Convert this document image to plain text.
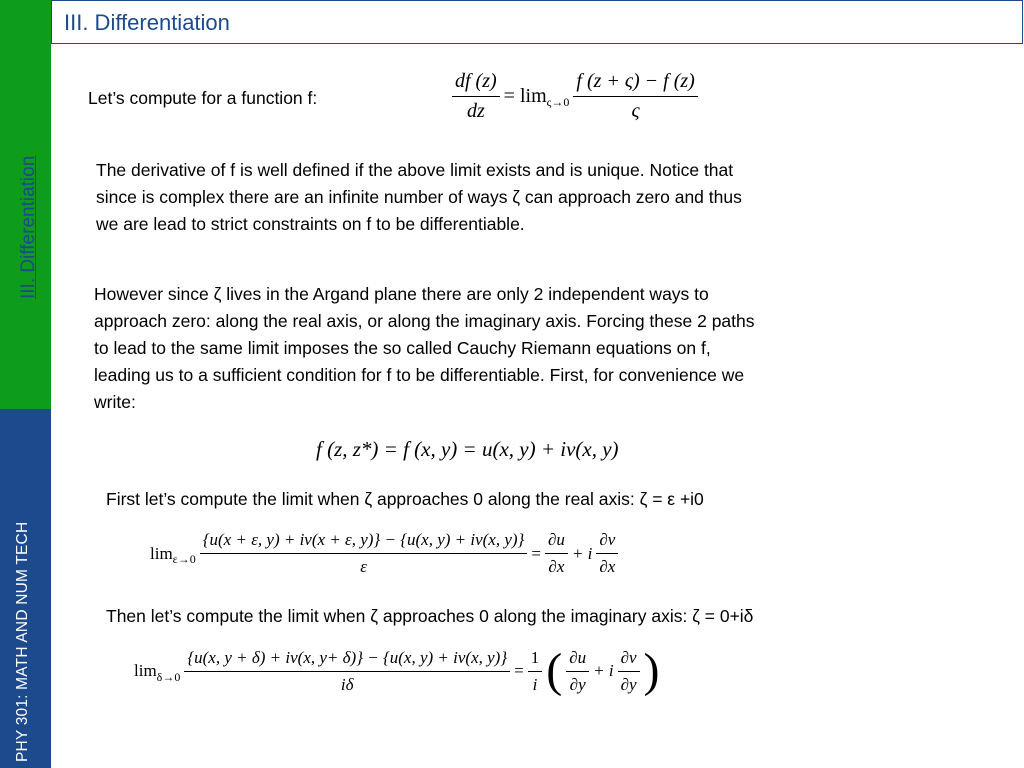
III. Differentiation
PHY 301: MATH AND NUM TECH
III. Differentiation
Let’s compute for a function f:	$\frac{df (z)}{dz} = \lim \varsigma\to 0 \frac{f (z + \varsigma) - f (z)}{\varsigma}$
The derivative of f is well defined if the above limit exists and is unique. Notice that since is complex there are an infinite number of ways ζ can approach zero and thus we are lead to strict constraints on f to be differentiable.
However since ζ lives in the Argand plane there are only 2 independent ways to approach zero: along the real axis, or along the imaginary axis. Forcing these 2 paths to lead to the same limit imposes the so called Cauchy Riemann equations on f, leading us to a sufficient condition for f to be differentiable. First, for convenience we write:
f (z, z*) = f (x, y) = u(x, y) + iv(x, y)
First let’s compute the limit when ζ approaches 0 along the real axis: ζ = ε +i0
$\lim \varepsilon\to 0 \frac{\{u(x + \varepsilon, y) + iv(x + \varepsilon, y)\} - \{u(x, y) + iv(x, y)\}}{\varepsilon} = \frac{\partial u}{\partial x} + i \frac{\partial v}{\partial x}$
Then let’s compute the limit when ζ approaches 0 along the imaginary axis: ζ = 0+iδ
$\lim \delta\to 0 \frac{\{u(x, y + \delta) + iv(x, y+ \delta)\} - \{u(x, y) + iv(x, y)\}}{i\delta} = \frac{1}{i}$ ( $\frac{\partial u}{\partial y} + i \frac{\partial v}{\partial y}$ )
